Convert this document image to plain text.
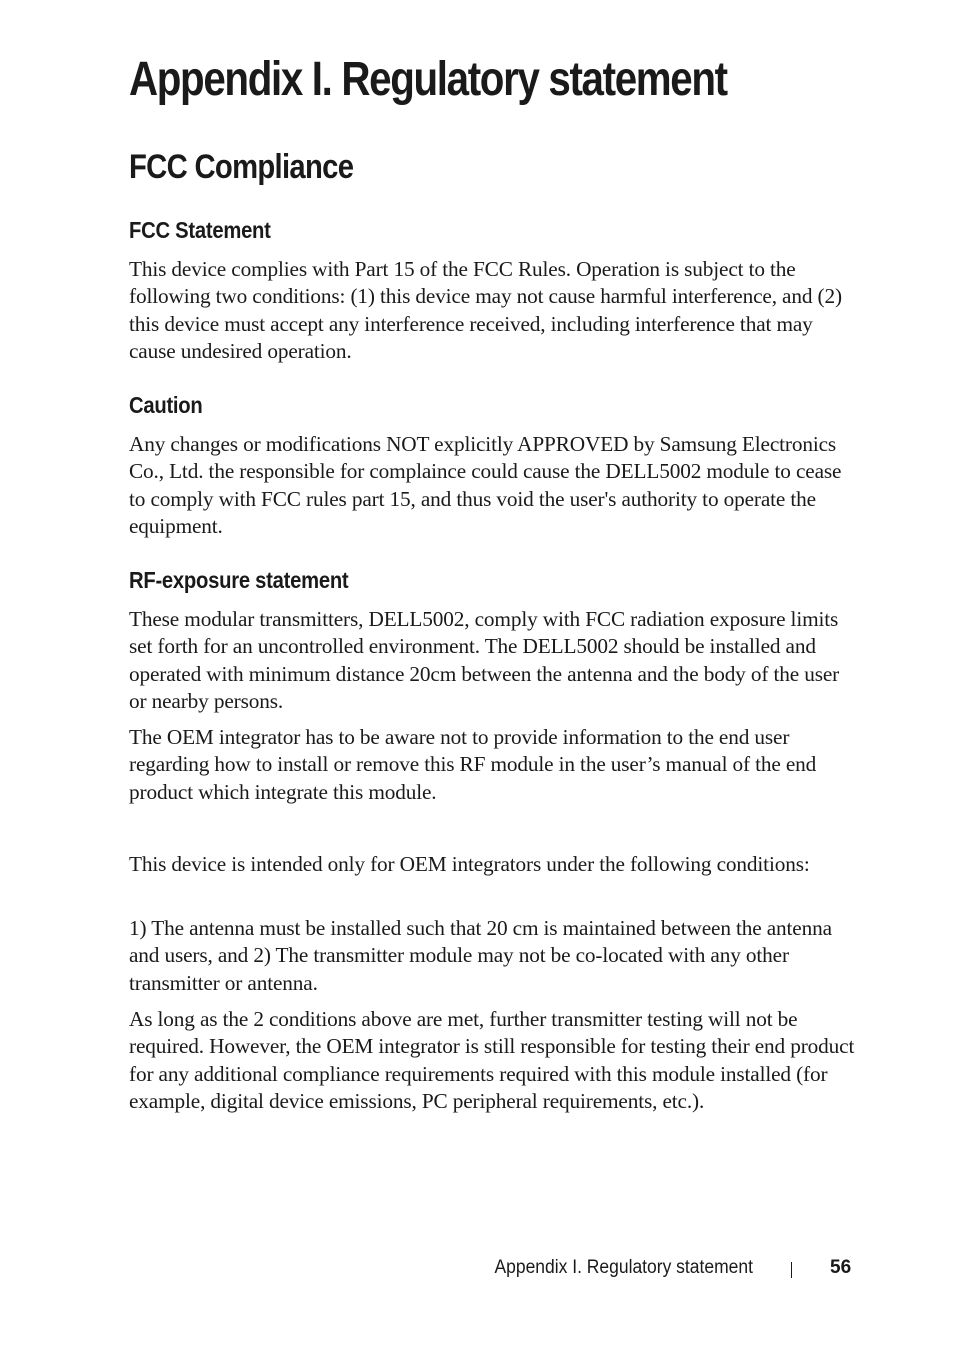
Appendix I. Regulatory statement
FCC Compliance
FCC Statement

This device complies with Part 15 of the FCC Rules. Operation is subject to the following two conditions: (1) this device may not cause harmful interference, and (2) this device must accept any interference received, including interference that may cause undesired operation.

Caution

Any changes or modifications NOT explicitly APPROVED by Samsung Electronics Co., Ltd. the responsible for complaince could cause the DELL5002 module to cease to comply with FCC rules part 15, and thus void the user's authority to operate the equipment.

RF-exposure statement

These modular transmitters, DELL5002, comply with FCC radiation exposure limits set forth for an uncontrolled environment. The DELL5002 should be installed and operated with minimum distance 20cm between the antenna and the body of the user or nearby persons.

The OEM integrator has to be aware not to provide information to the end user regarding how to install or remove this RF module in the user’s manual of the end product which integrate this module.

This device is intended only for OEM integrators under the following conditions:

1) The antenna must be installed such that 20 cm is maintained between the antenna and users, and 2) The transmitter module may not be co-located with any other transmitter or antenna.

As long as the 2 conditions above are met, further transmitter testing will not be required. However, the OEM integrator is still responsible for testing their end product for any additional compliance requirements required with this module installed (for example, digital device emissions, PC peripheral requirements, etc.).

Appendix I. Regulatory statement	56
